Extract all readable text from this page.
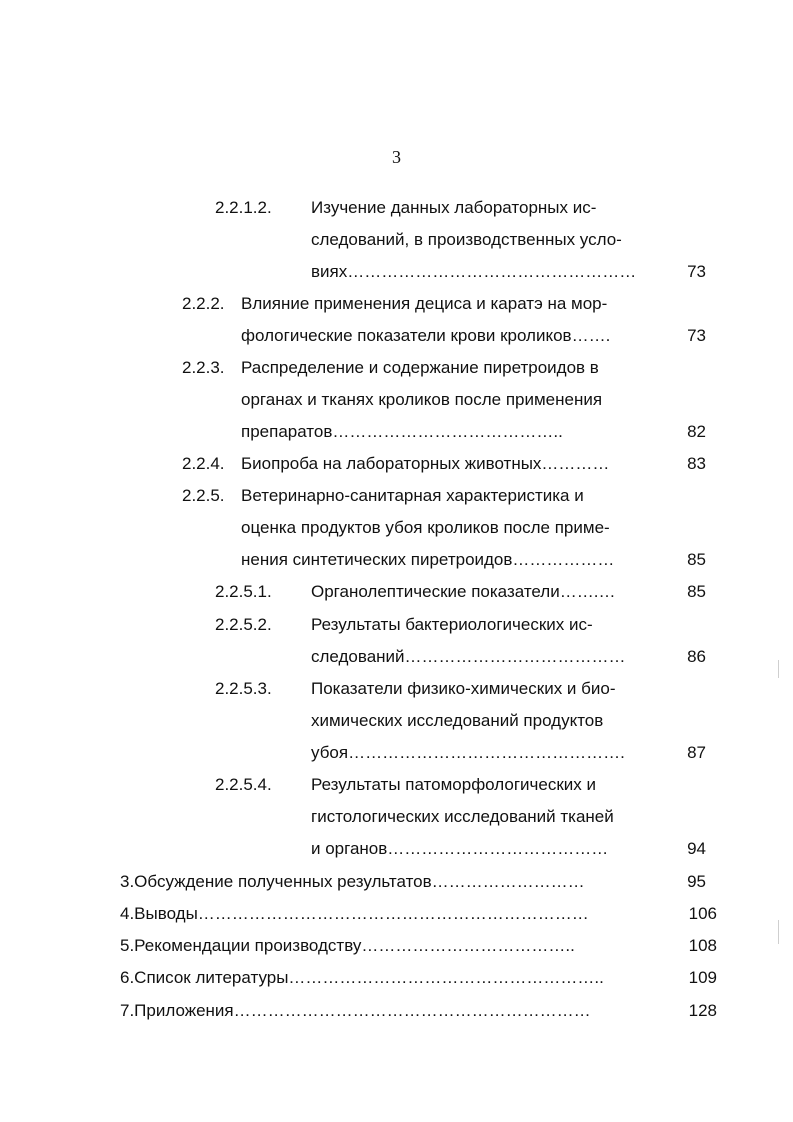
3
2.2.1.2. Изучение данных лабораторных ис-
следований, в производственных усло-
виях……………………………………………	73
2.2.2. Влияние применения дециса и каратэ на мор-
фологические показатели крови кроликов…….	73
2.2.3. Распределение и содержание пиретроидов в
органах и тканях кроликов после применения
препаратов…………………………………..	82
2.2.4. Биопроба на лабораторных животных…………	83
2.2.5. Ветеринарно-санитарная характеристика и
оценка продуктов убоя кроликов после приме-
нения синтетических пиретроидов………………	85
2.2.5.1. Органолептические показатели…….…	85
2.2.5.2. Результаты бактериологических ис-
следований…………………………………	86
2.2.5.3. Показатели физико-химических и био-
химических исследований продуктов
убоя………………………………………….	87
2.2.5.4. Результаты патоморфологических и
гистологических исследований тканей
и органов…………………………………	94
3.Обсуждение полученных результатов………………………	95
4.Выводы……………………………………………………………	106
5.Рекомендации производству………………………………..	108
6.Список литературы………………………………………………..	109
7.Приложения………………………………………………………	128
